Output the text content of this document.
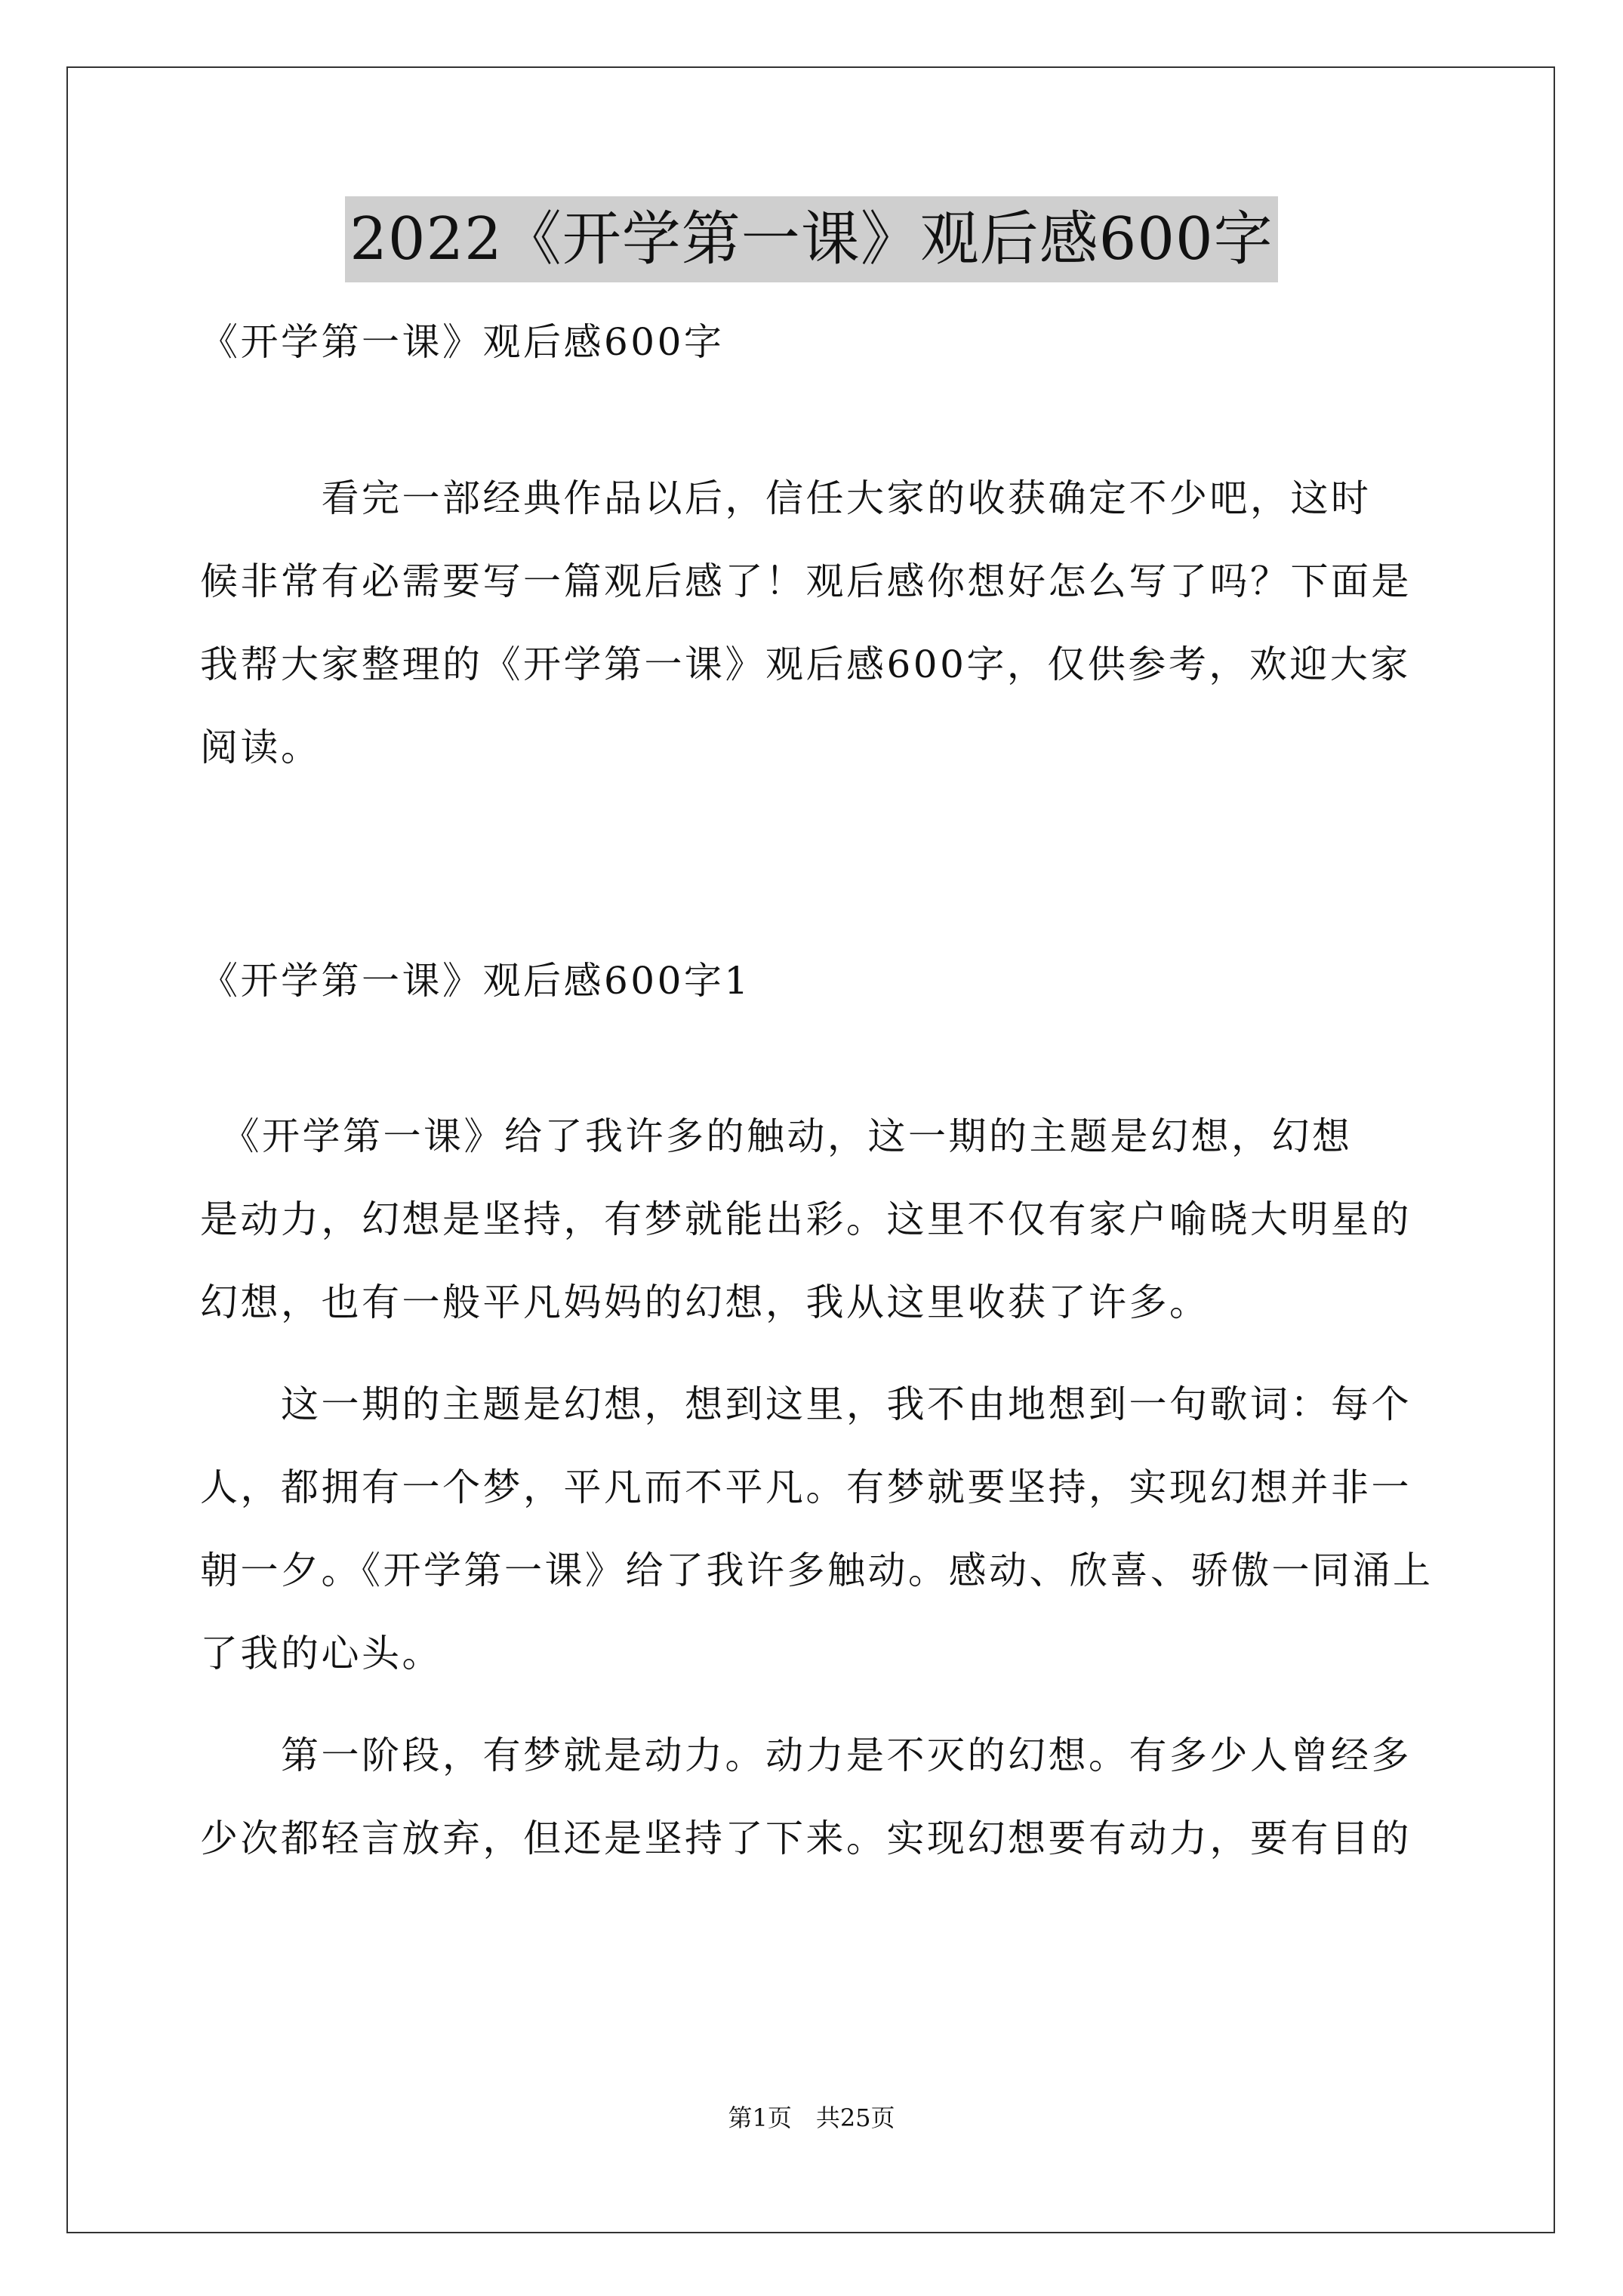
2022《开学第一课》观后感600字
《开学第一课》观后感600字
　　　看完一部经典作品以后，信任大家的收获确定不少吧，这时
候非常有必需要写一篇观后感了！观后感你想好怎么写了吗？下面是
我帮大家整理的《开学第一课》观后感600字，仅供参考，欢迎大家
阅读。
《开学第一课》观后感600字1
　《开学第一课》给了我许多的触动，这一期的主题是幻想，幻想
是动力，幻想是坚持，有梦就能出彩。这里不仅有家户喻晓大明星的
幻想，也有一般平凡妈妈的幻想，我从这里收获了许多。
　　这一期的主题是幻想，想到这里，我不由地想到一句歌词：每个
人，都拥有一个梦，平凡而不平凡。有梦就要坚持，实现幻想并非一
朝一夕。《开学第一课》给了我许多触动。感动、欣喜、骄傲一同涌上
了我的心头。
　　第一阶段，有梦就是动力。动力是不灭的幻想。有多少人曾经多
少次都轻言放弃，但还是坚持了下来。实现幻想要有动力，要有目的
第1页　共25页
